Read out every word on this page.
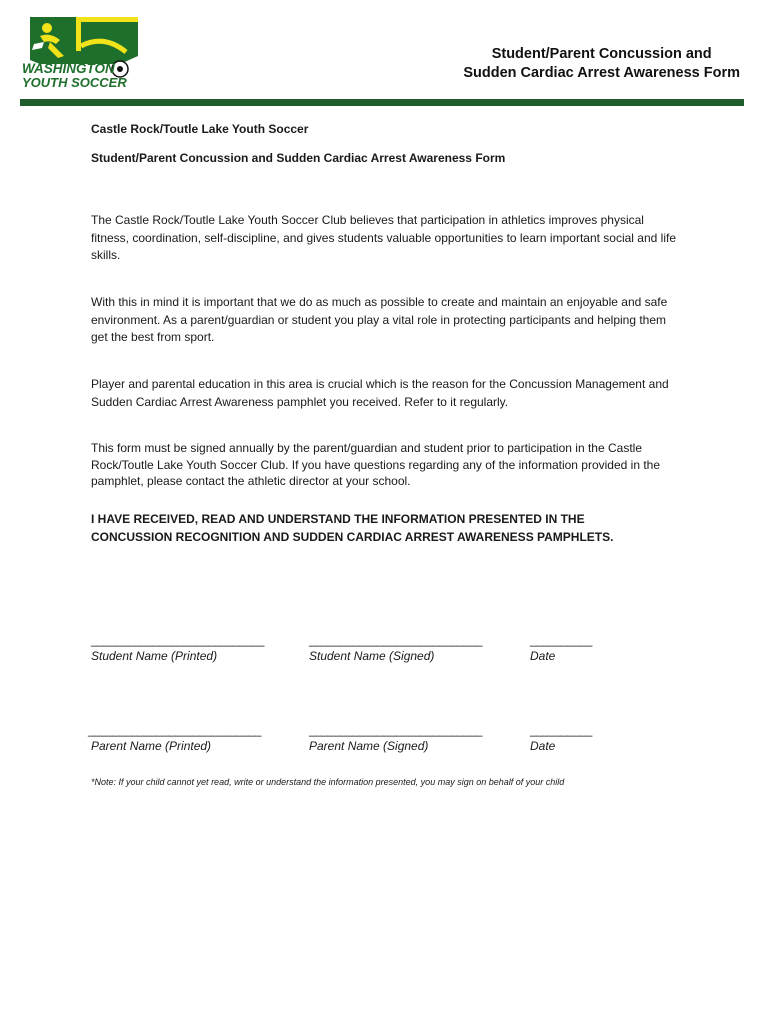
WASHINGTON
YOUTH SOCCER
Student/Parent Concussion and
Sudden Cardiac Arrest Awareness Form

Castle Rock/Toutle Lake Youth Soccer

Student/Parent Concussion and Sudden Cardiac Arrest Awareness Form

The Castle Rock/Toutle Lake Youth Soccer Club believes that participation in athletics improves physical fitness, coordination, self-discipline, and gives students valuable opportunities to learn important social and life skills.

With this in mind it is important that we do as much as possible to create and maintain an enjoyable and safe environment. As a parent/guardian or student you play a vital role in protecting participants and helping them get the best from sport.

Player and parental education in this area is crucial which is the reason for the Concussion Management and Sudden Cardiac Arrest Awareness pamphlet you received. Refer to it regularly.

This form must be signed annually by the parent/guardian and student prior to participation in the Castle Rock/Toutle Lake Youth Soccer Club. If you have questions regarding any of the information provided in the pamphlet, please contact the athletic director at your school.

I HAVE RECEIVED, READ AND UNDERSTAND THE INFORMATION PRESENTED IN THE CONCUSSION RECOGNITION AND SUDDEN CARDIAC ARREST AWARENESS PAMPHLETS.

____________________________	____________________________	__________
Student Name (Printed)	Student Name (Signed)	Date
____________________________	____________________________	__________
Parent Name (Printed)	Parent Name (Signed)	Date
*Note: If your child cannot yet read, write or understand the information presented, you may sign on behalf of your child
